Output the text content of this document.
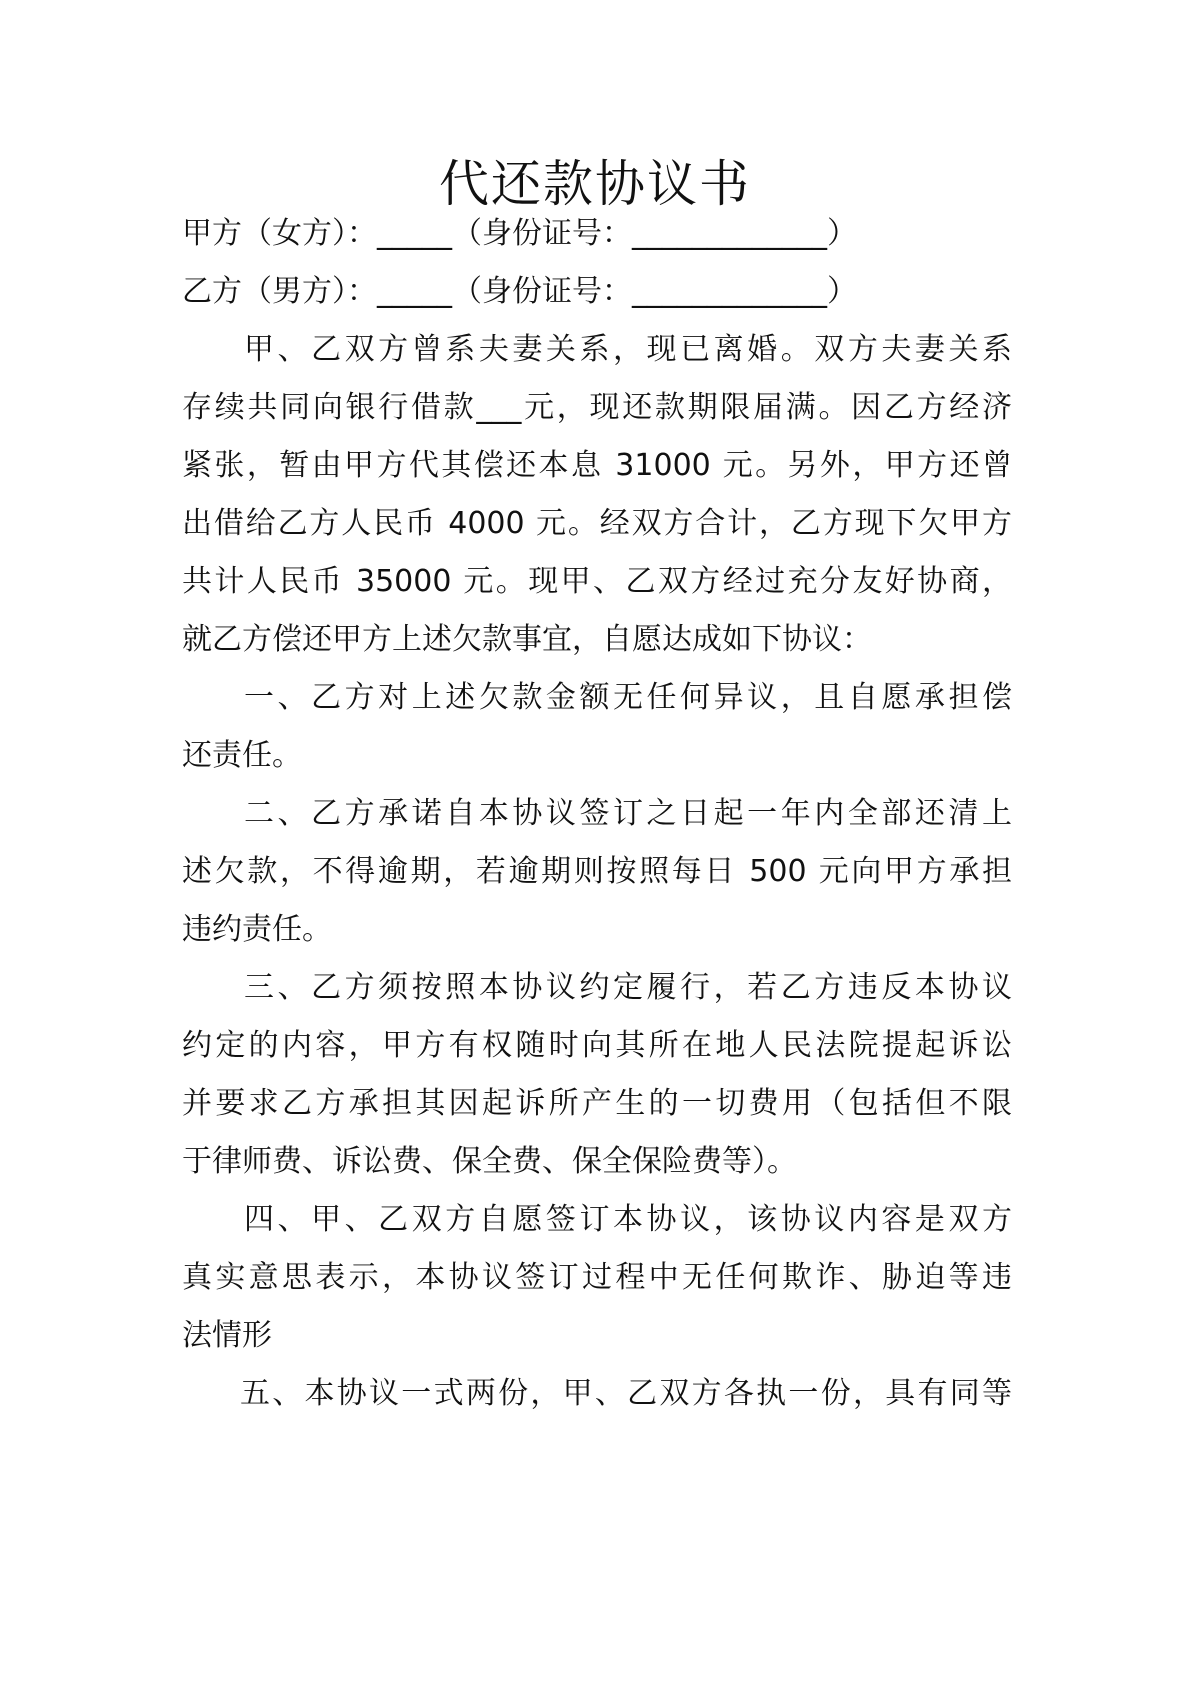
代还款协议书

甲方（女方）：_____（身份证号：_____________）

乙方（男方）：_____（身份证号：_____________）

甲、乙双方曾系夫妻关系，现已离婚。双方夫妻关系

存续共同向银行借款___元，现还款期限届满。因乙方经济

紧张，暂由甲方代其偿还本息 31000 元。另外，甲方还曾

出借给乙方人民币 4000 元。经双方合计，乙方现下欠甲方

共计人民币 35000 元。现甲、乙双方经过充分友好协商，

就乙方偿还甲方上述欠款事宜，自愿达成如下协议：

一、乙方对上述欠款金额无任何异议，且自愿承担偿

还责任。

二、乙方承诺自本协议签订之日起一年内全部还清上

述欠款，不得逾期，若逾期则按照每日 500 元向甲方承担

违约责任。

三、乙方须按照本协议约定履行，若乙方违反本协议

约定的内容，甲方有权随时向其所在地人民法院提起诉讼

并要求乙方承担其因起诉所产生的一切费用（包括但不限

于律师费、诉讼费、保全费、保全保险费等）。

四、甲、乙双方自愿签订本协议，该协议内容是双方

真实意思表示，本协议签订过程中无任何欺诈、胁迫等违

法情形

五、本协议一式两份，甲、乙双方各执一份，具有同等
